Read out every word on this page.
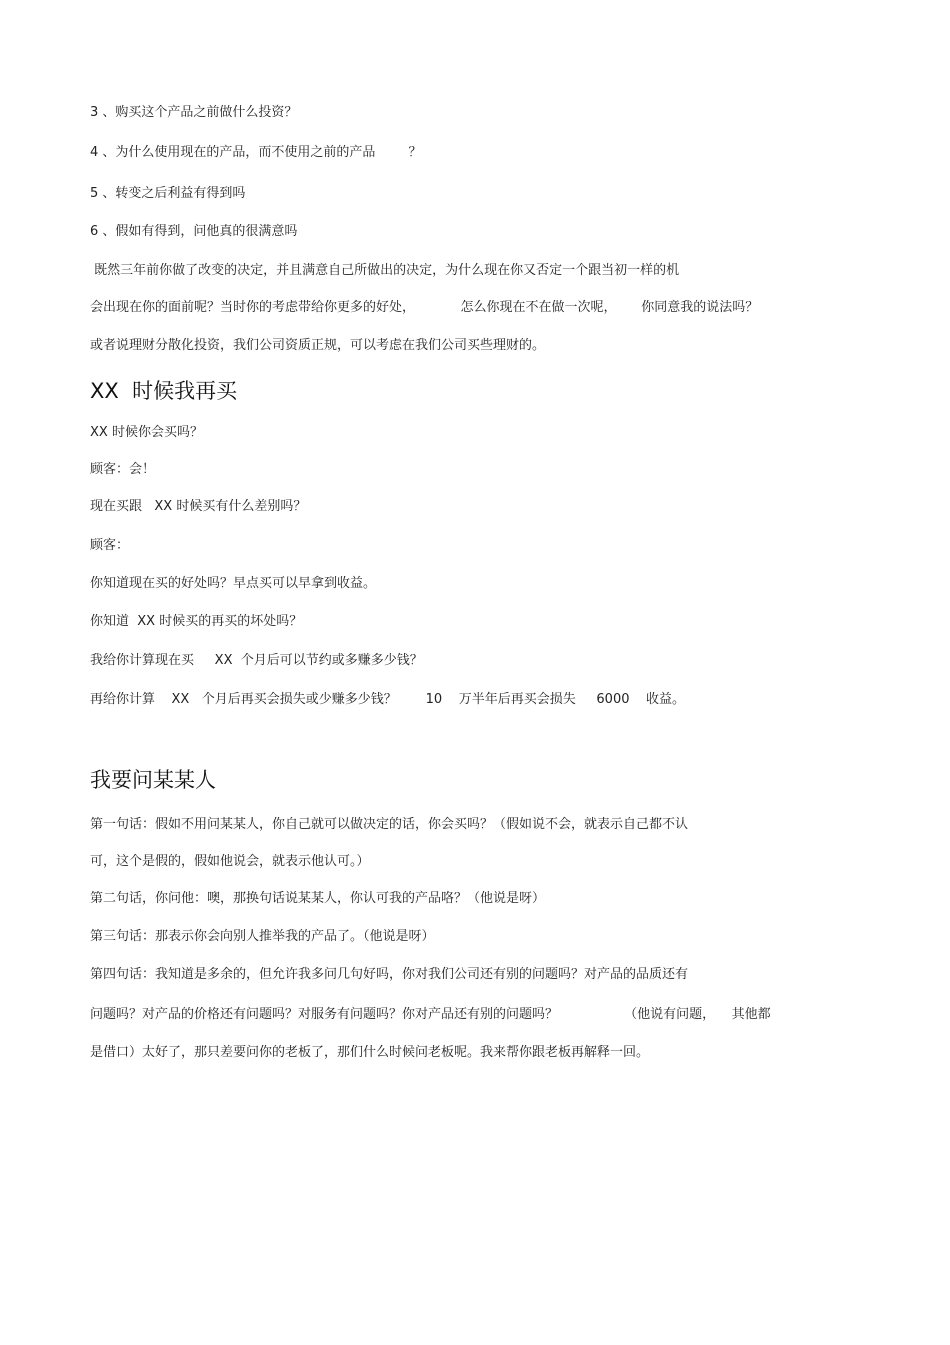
3 、购买这个产品之前做什么投资？

4 、为什么使用现在的产品，而不使用之前的产品        ？

5 、转变之后利益有得到吗

6 、假如有得到，问他真的很满意吗

既然三年前你做了改变的决定，并且满意自己所做出的决定，为什么现在你又否定一个跟当初一样的机

会出现在你的面前呢？当时你的考虑带给你更多的好处，           怎么你现在不在做一次呢，      你同意我的说法吗？

或者说理财分散化投资，我们公司资质正规，可以考虑在我们公司买些理财的。

XX  时候我再买

XX 时候你会买吗？

顾客：会！

现在买跟   XX 时候买有什么差别吗？

顾客：

你知道现在买的好处吗？早点买可以早拿到收益。

你知道  XX 时候买的再买的坏处吗？

我给你计算现在买     XX  个月后可以节约或多赚多少钱？

再给你计算    XX   个月后再买会损失或少赚多少钱？       10    万半年后再买会损失     6000    收益。

我要问某某人

第一句话：假如不用问某某人，你自己就可以做决定的话，你会买吗？（假如说不会，就表示自己都不认

可，这个是假的，假如他说会，就表示他认可。）

第二句话，你问他：噢，那换句话说某某人，你认可我的产品咯？（他说是呀）

第三句话：那表示你会向别人推举我的产品了。（他说是呀）

第四句话：我知道是多余的，但允许我多问几句好吗，你对我们公司还有别的问题吗？对产品的品质还有

问题吗？对产品的价格还有问题吗？对服务有问题吗？你对产品还有别的问题吗？                （他说有问题，    其他都

是借口）太好了，那只差要问你的老板了，那们什么时候问老板呢。我来帮你跟老板再解释一回。
